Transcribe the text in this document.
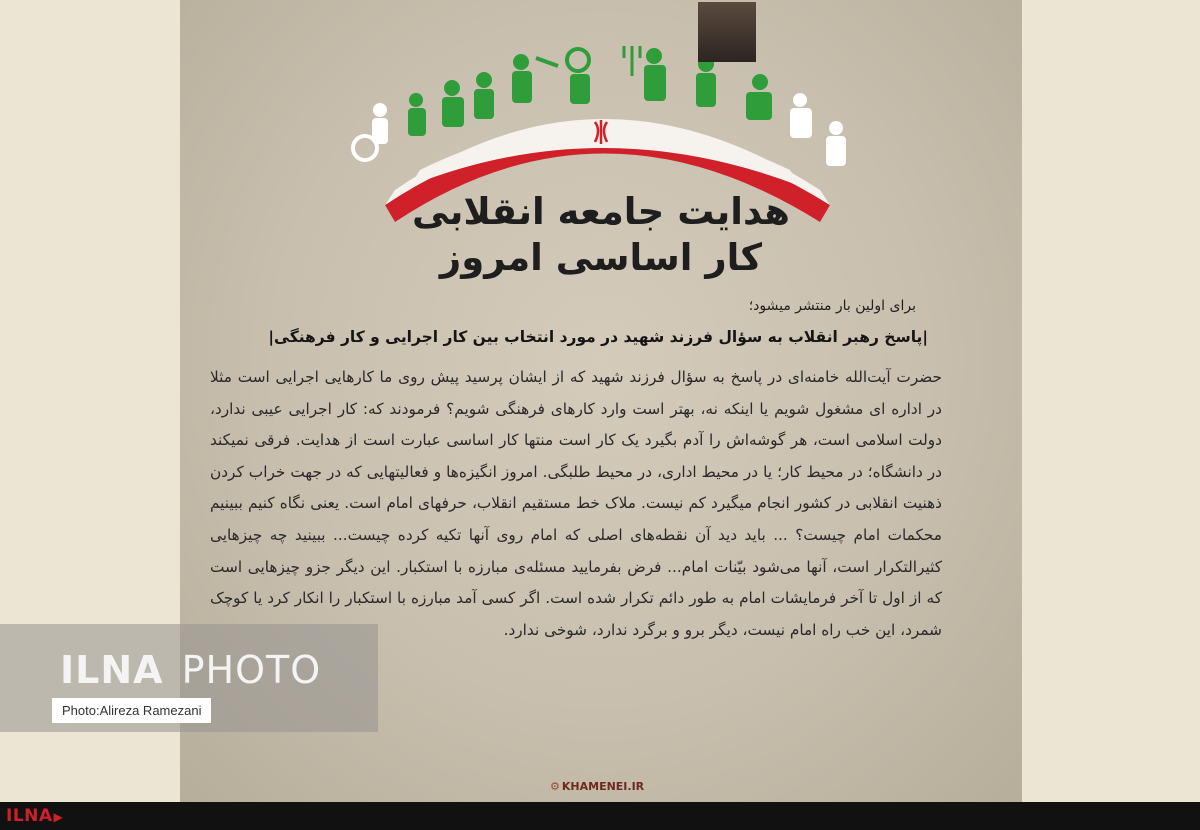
هدایت جامعه انقلابی
کار اساسی امروز
برای اولین بار منتشر میشود؛
|پاسخ رهبر انقلاب به سؤال فرزند شهید در مورد انتخاب بین کار اجرایی و کار فرهنگی|

حضرت آیت‌الله خامنه‌ای در پاسخ به سؤال فرزند شهید که از ایشان پرسید پیش روی ما کارهایی اجرایی است مثلا در اداره ای مشغول شویم یا اینکه نه، بهتر است وارد کارهای فرهنگی شویم؟ فرمودند که: کار اجرایی عیبی ندارد، دولت اسلامی است، هر گوشه‌اش را آدم بگیرد یک کار است منتها کار اساسی عبارت است از هدایت. فرقی نمیکند در دانشگاه؛ در محیط کار؛ یا در محیط اداری، در محیط طلبگی. امروز انگیزه‌ها و فعالیتهایی که در جهت خراب کردن ذهنیت انقلابی در کشور انجام میگیرد کم نیست. ملاک خط مستقیم انقلاب، حرفهای امام است. یعنی نگاه کنیم ببینیم محکمات امام چیست؟ ... باید دید آن نقطه‌های اصلی که امام روی آنها تکیه کرده چیست... ببینید چه چیزهایی کثیرالتکرار است، آنها می‌شود بیّنات امام... فرض بفرمایید مسئله‌ی مبارزه با استکبار. این دیگر جزو چیزهایی است که از اول تا آخر فرمایشات امام به طور دائم تکرار شده است. اگر کسی آمد مبارزه با استکبار را انکار کرد یا کوچک شمرد، این خب راه امام نیست، دیگر برو و برگرد ندارد، شوخی ندارد.

⚙ KHAMENEI.IR
ILNA PHOTO
Photo:Alireza Ramezani
ILNA▶
